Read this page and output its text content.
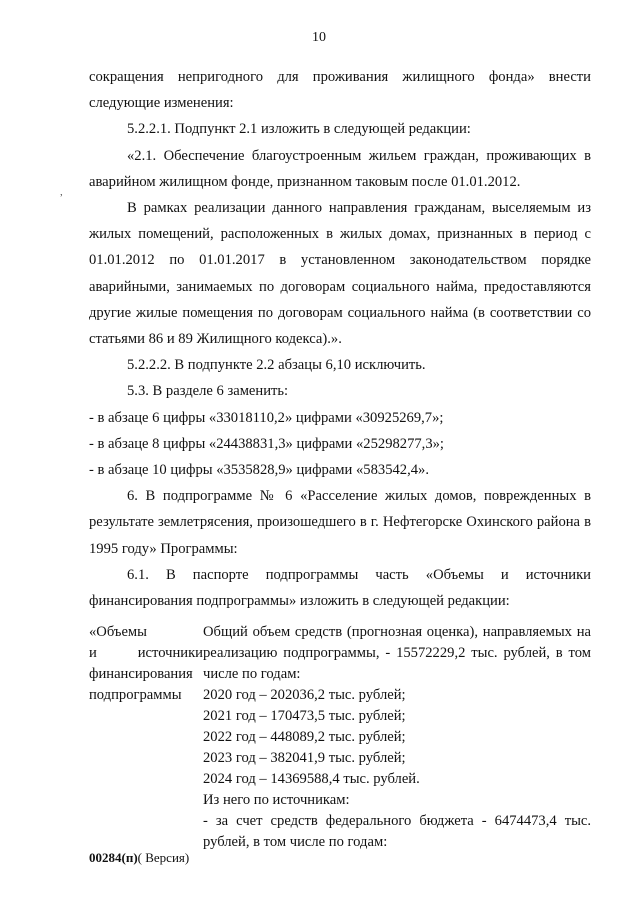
10
,

сокращения непригодного для проживания жилищного фонда» внести следующие изменения:

5.2.2.1. Подпункт 2.1 изложить в следующей редакции:

«2.1. Обеспечение благоустроенным жильем граждан, проживающих в аварийном жилищном фонде, признанном таковым после 01.01.2012.

В рамках реализации данного направления гражданам, выселяемым из жилых помещений, расположенных в жилых домах, признанных в период с 01.01.2012 по 01.01.2017 в установленном законодательством порядке аварийными, занимаемых по договорам социального найма, предоставляются другие жилые помещения по договорам социального найма (в соответствии со статьями 86 и 89 Жилищного кодекса).».

5.2.2.2. В подпункте 2.2 абзацы 6,10 исключить.

5.3. В разделе 6 заменить:

- в абзаце 6 цифры «33018110,2» цифрами «30925269,7»;

- в абзаце 8 цифры «24438831,3» цифрами «25298277,3»;

- в абзаце 10 цифры «3535828,9» цифрами «583542,4».

6. В подпрограмме № 6 «Расселение жилых домов, поврежденных в результате землетрясения, произошедшего в г. Нефтегорске Охинского района в 1995 году» Программы:

6.1. В паспорте подпрограммы часть «Объемы и источники финансирования подпрограммы» изложить в следующей редакции:

«Объемы
и источники
финансирования
подпрограммы
Общий объем средств (прогнозная оценка), направляемых на реализацию подпрограммы, - 15572229,2 тыс. рублей, в том числе по годам:
2020 год – 202036,2 тыс. рублей;
2021 год – 170473,5 тыс. рублей;
2022 год – 448089,2 тыс. рублей;
2023 год – 382041,9 тыс. рублей;
2024 год – 14369588,4 тыс. рублей.
Из него по источникам:
- за счет средств федерального бюджета - 6474473,4 тыс. рублей, в том числе по годам:
00284(п)( Версия)
